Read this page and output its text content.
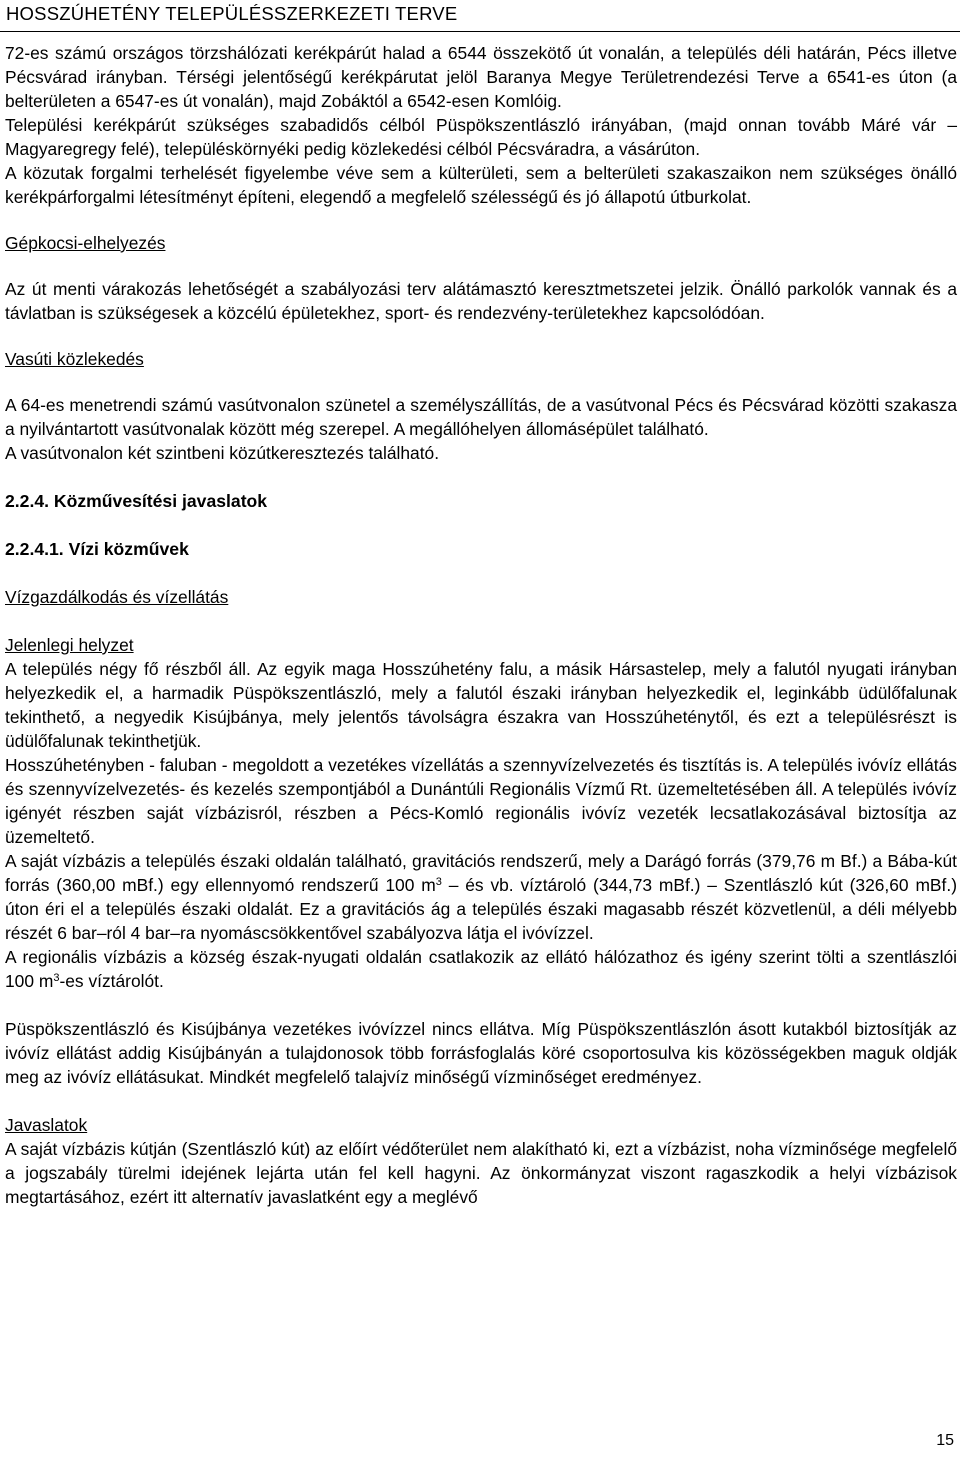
HOSSZÚHETÉNY TELEPÜLÉSSZERKEZETI TERVE

72-es számú országos törzshálózati kerékpárút halad a 6544 összekötő út vonalán, a település déli határán, Pécs illetve Pécsvárad irányban. Térségi jelentőségű kerékpárutat jelöl Baranya Megye Területrendezési Terve a 6541-es úton (a belterületen a 6547-es út vonalán), majd Zobáktól a 6542-esen Komlóig.

Települési kerékpárút szükséges szabadidős célból Püspökszentlászló irányában, (majd onnan tovább Máré vár – Magyaregregy felé), településkörnyéki pedig közlekedési célból Pécsváradra, a vásárúton.

A közutak forgalmi terhelését figyelembe véve sem a külterületi, sem a belterületi szakaszaikon nem szükséges önálló kerékpárforgalmi létesítményt építeni, elegendő a megfelelő szélességű és jó állapotú útburkolat.

Gépkocsi-elhelyezés

Az út menti várakozás lehetőségét a szabályozási terv alátámasztó keresztmetszetei jelzik. Önálló parkolók vannak és a távlatban is szükségesek a közcélú épületekhez, sport- és rendezvény-területekhez kapcsolódóan.

Vasúti közlekedés

A 64-es menetrendi számú vasútvonalon szünetel a személyszállítás, de a vasútvonal Pécs és Pécsvárad közötti szakasza a nyilvántartott vasútvonalak között még szerepel. A megállóhelyen állomásépület található.

A vasútvonalon két szintbeni közútkeresztezés található.

2.2.4. Közművesítési javaslatok
2.2.4.1. Vízi közművek

Vízgazdálkodás és vízellátás

Jelenlegi helyzet

A település négy fő részből áll. Az egyik maga Hosszúhetény falu, a másik Hársastelep, mely a falutól nyugati irányban helyezkedik el, a harmadik Püspökszentlászló, mely a falutól északi irányban helyezkedik el, leginkább üdülőfalunak tekinthető, a negyedik Kisújbánya, mely jelentős távolságra északra van Hosszúheténytől, és ezt a településrészt is üdülőfalunak tekinthetjük.

Hosszúhetényben - faluban - megoldott a vezetékes vízellátás a szennyvízelvezetés és tisztítás is. A település ivóvíz ellátás és szennyvízelvezetés- és kezelés szempontjából a Dunántúli Regionális Vízmű Rt. üzemeltetésében áll. A település ivóvíz igényét részben saját vízbázisról, részben a Pécs-Komló regionális ivóvíz vezeték lecsatlakozásával biztosítja az üzemeltető.

A saját vízbázis a település északi oldalán található, gravitációs rendszerű, mely a Darágó forrás (379,76 m Bf.) a Bába-kút forrás (360,00 mBf.) egy ellennyomó rendszerű 100 $m^3$ – és vb. víztároló (344,73 mBf.) – Szentlászló kút (326,60 mBf.) úton éri el a település északi oldalát. Ez a gravitációs ág a település északi magasabb részét közvetlenül, a déli mélyebb részét 6 bar–ról 4 bar–ra nyomáscsökkentővel szabályozva látja el ivóvízzel.

A regionális vízbázis a község észak-nyugati oldalán csatlakozik az ellátó hálózathoz és igény szerint tölti a szentlászlói 100 $m^3-es$ víztárolót.

Püspökszentlászló és Kisújbánya vezetékes ivóvízzel nincs ellátva. Míg Püspökszentlászlón ásott kutakból biztosítják az ivóvíz ellátást addig Kisújbányán a tulajdonosok több forrásfoglalás köré csoportosulva kis közösségekben maguk oldják meg az ivóvíz ellátásukat. Mindkét megfelelő talajvíz minőségű vízminőséget eredményez.

Javaslatok

A saját vízbázis kútján (Szentlászló kút) az előírt védőterület nem alakítható ki, ezt a vízbázist, noha vízminősége megfelelő a jogszabály türelmi idejének lejárta után fel kell hagyni. Az önkormányzat viszont ragaszkodik a helyi vízbázisok megtartásához, ezért itt alternatív javaslatként egy a meglévő

15
